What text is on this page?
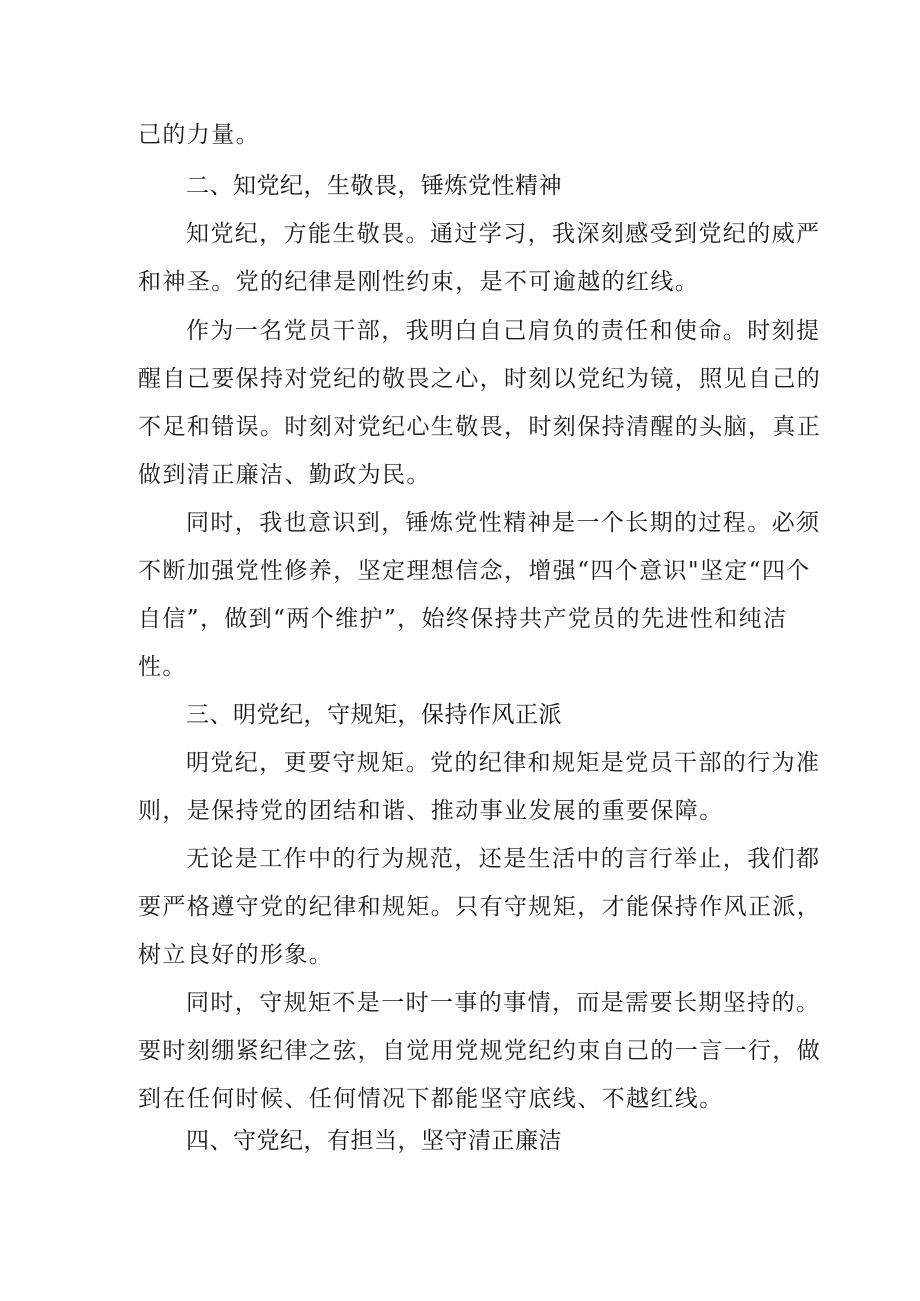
己的力量。
二、知党纪，生敬畏，锤炼党性精神
知党纪，方能生敬畏。通过学习，我深刻感受到党纪的威严
和神圣。党的纪律是刚性约束，是不可逾越的红线。
作为一名党员干部，我明白自己肩负的责任和使命。时刻提
醒自己要保持对党纪的敬畏之心，时刻以党纪为镜，照见自己的
不足和错误。时刻对党纪心生敬畏，时刻保持清醒的头脑，真正
做到清正廉洁、勤政为民。
同时，我也意识到，锤炼党性精神是一个长期的过程。必须
不断加强党性修养，坚定理想信念，增强“四个意识"坚定“四个
自信”，做到“两个维护”，始终保持共产党员的先进性和纯洁
性。
三、明党纪，守规矩，保持作风正派
明党纪，更要守规矩。党的纪律和规矩是党员干部的行为准
则，是保持党的团结和谐、推动事业发展的重要保障。
无论是工作中的行为规范，还是生活中的言行举止，我们都
要严格遵守党的纪律和规矩。只有守规矩，才能保持作风正派，
树立良好的形象。
同时，守规矩不是一时一事的事情，而是需要长期坚持的。
要时刻绷紧纪律之弦，自觉用党规党纪约束自己的一言一行，做
到在任何时候、任何情况下都能坚守底线、不越红线。
四、守党纪，有担当，坚守清正廉洁
